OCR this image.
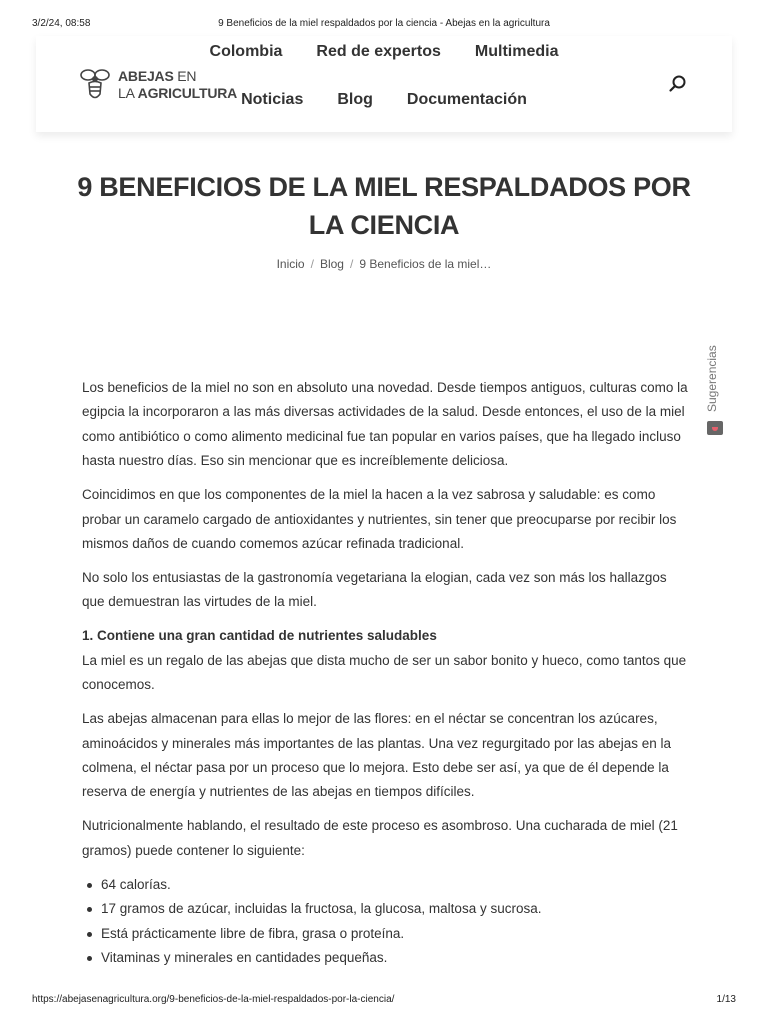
3/2/24, 08:58	9 Beneficios de la miel respaldados por la ciencia - Abejas en la agricultura
ABEJAS EN
LA AGRICULTURA
Colombia	Red de expertos	Multimedia
Noticias	Blog	Documentación
9 BENEFICIOS DE LA MIEL RESPALDADOS POR LA CIENCIA
Inicio / Blog / 9 Beneficios de la miel…
Sugerencias

Los beneficios de la miel no son en absoluto una novedad. Desde tiempos antiguos, culturas como la egipcia la incorporaron a las más diversas actividades de la salud. Desde entonces, el uso de la miel como antibiótico o como alimento medicinal fue tan popular en varios países, que ha llegado incluso hasta nuestro días. Eso sin mencionar que es increíblemente deliciosa.

Coincidimos en que los componentes de la miel la hacen a la vez sabrosa y saludable: es como probar un caramelo cargado de antioxidantes y nutrientes, sin tener que preocuparse por recibir los mismos daños de cuando comemos azúcar refinada tradicional.

No solo los entusiastas de la gastronomía vegetariana la elogian, cada vez son más los hallazgos que demuestran las virtudes de la miel.

1. Contiene una gran cantidad de nutrientes saludables

La miel es un regalo de las abejas que dista mucho de ser un sabor bonito y hueco, como tantos que conocemos.

Las abejas almacenan para ellas lo mejor de las flores: en el néctar se concentran los azúcares, aminoácidos y minerales más importantes de las plantas. Una vez regurgitado por las abejas en la colmena, el néctar pasa por un proceso que lo mejora. Esto debe ser así, ya que de él depende la reserva de energía y nutrientes de las abejas en tiempos difíciles.

Nutricionalmente hablando, el resultado de este proceso es asombroso. Una cucharada de miel (21 gramos) puede contener lo siguiente:

64 calorías.
17 gramos de azúcar, incluidas la fructosa, la glucosa, maltosa y sucrosa.
Está prácticamente libre de fibra, grasa o proteína.
Vitaminas y minerales en cantidades pequeñas.
https://abejasenagricultura.org/9-beneficios-de-la-miel-respaldados-por-la-ciencia/	1/13
